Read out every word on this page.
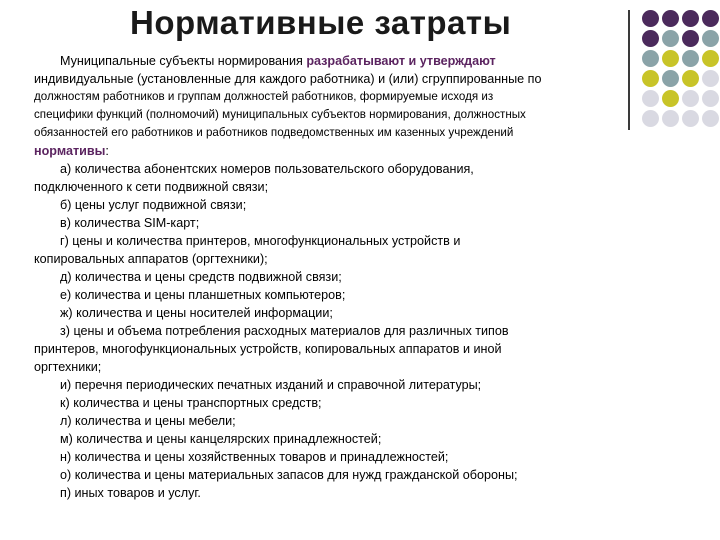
Нормативные затраты
Муниципальные субъекты нормирования разрабатывают и утверждают
индивидуальные (установленные для каждого работника) и (или) сгруппированные по
должностям работников и группам должностей работников, формируемые исходя из
специфики функций (полномочий) муниципальных субъектов нормирования, должностных
обязанностей его работников и работников подведомственных им казенных учреждений
нормативы:
а) количества абонентских номеров пользовательского оборудования,
подключенного к сети подвижной связи;
б) цены услуг подвижной связи;
в) количества SIM-карт;
г) цены и количества принтеров, многофункциональных устройств и
копировальных аппаратов (оргтехники);
д) количества и цены средств подвижной связи;
е) количества и цены планшетных компьютеров;
ж) количества и цены носителей информации;
з) цены и объема потребления расходных материалов для различных типов
принтеров, многофункциональных устройств, копировальных аппаратов и иной
оргтехники;
и) перечня периодических печатных изданий и справочной литературы;
к) количества и цены транспортных средств;
л) количества и цены мебели;
м) количества и цены канцелярских принадлежностей;
н) количества и цены хозяйственных товаров и принадлежностей;
о) количества и цены материальных запасов для нужд гражданской обороны;
п) иных товаров и услуг.
